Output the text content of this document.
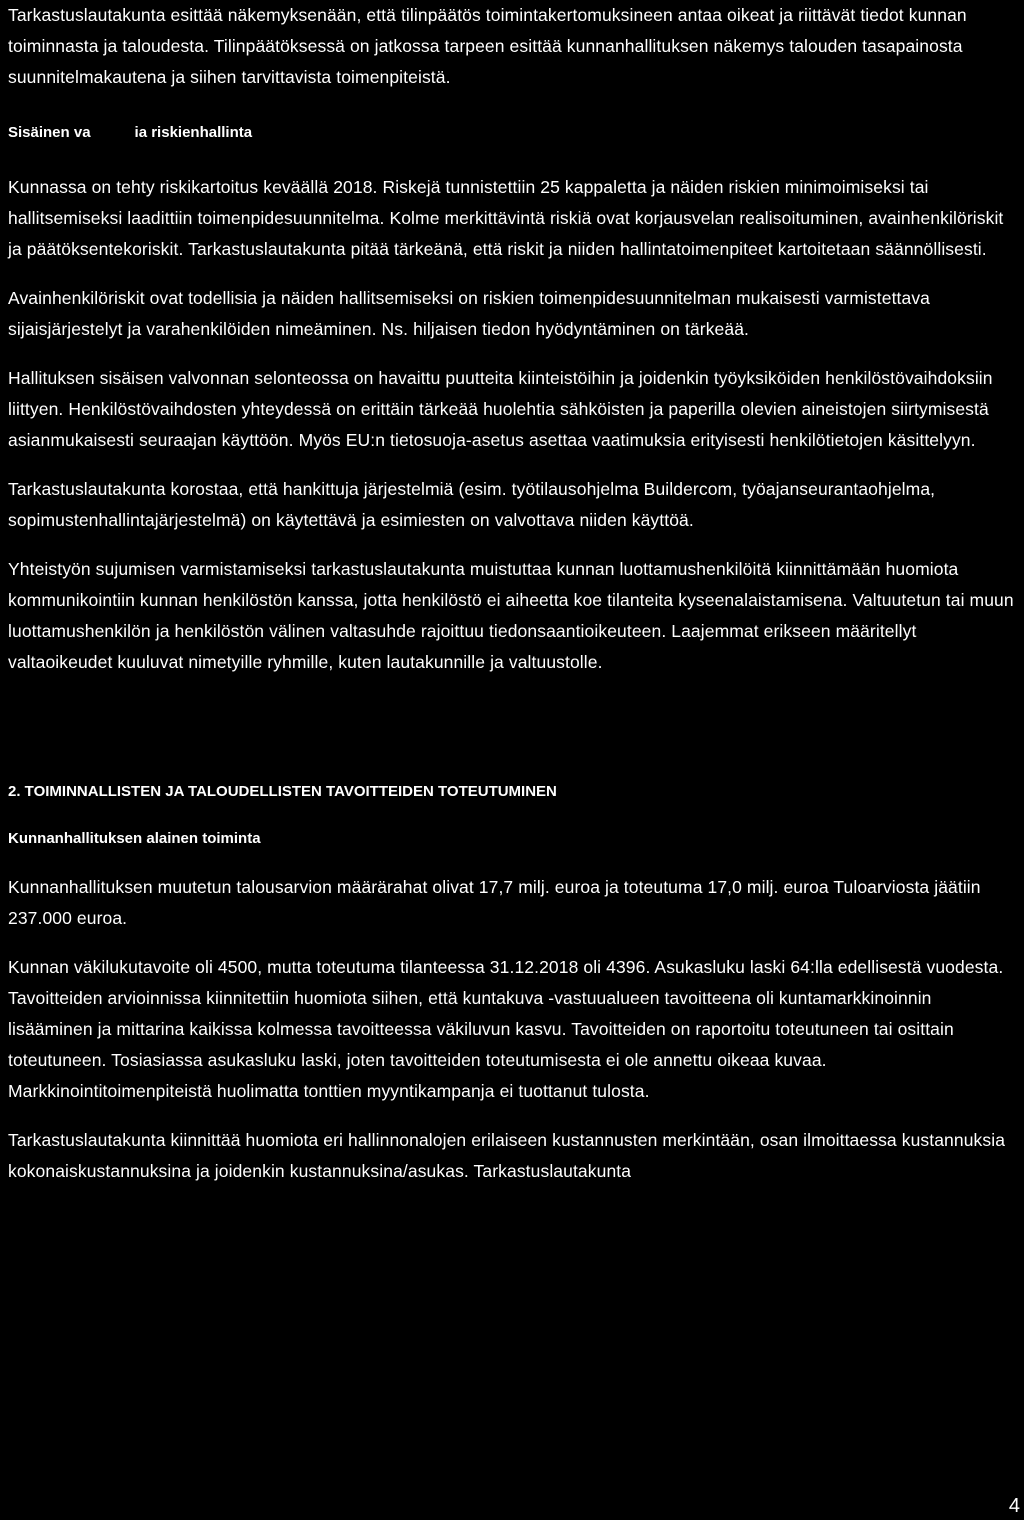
Tarkastuslautakunta esittää näkemyksenään, että tilinpäätös toimintakertomuksineen antaa oikeat ja riittävät tiedot kunnan toiminnasta ja taloudesta. Tilinpäätöksessä on jatkossa tarpeen esittää kunnanhallituksen näkemys talouden tasapainosta suunnitelmakautena ja siihen tarvittavista toimenpiteistä.

Sisäinen va	ia riskienhallinta

Kunnassa on tehty riskikartoitus keväällä 2018. Riskejä tunnistettiin 25 kappaletta ja näiden riskien minimoimiseksi tai hallitsemiseksi laadittiin toimenpidesuunnitelma. Kolme merkittävintä riskiä ovat korjausvelan realisoituminen, avainhenkilöriskit ja päätöksentekoriskit. Tarkastuslautakunta pitää tärkeänä, että riskit ja niiden hallintatoimenpiteet kartoitetaan säännöllisesti.

Avainhenkilöriskit ovat todellisia ja näiden hallitsemiseksi on riskien toimenpidesuunnitelman mukaisesti varmistettava sijaisjärjestelyt ja varahenkilöiden nimeäminen. Ns. hiljaisen tiedon hyödyntäminen on tärkeää.

Hallituksen sisäisen valvonnan selonteossa on havaittu puutteita kiinteistöihin ja joidenkin työyksiköiden henkilöstövaihdoksiin liittyen. Henkilöstövaihdosten yhteydessä on erittäin tärkeää huolehtia sähköisten ja paperilla olevien aineistojen siirtymisestä asianmukaisesti seuraajan käyttöön. Myös EU:n tietosuoja-asetus asettaa vaatimuksia erityisesti henkilötietojen käsittelyyn.

Tarkastuslautakunta korostaa, että hankittuja järjestelmiä (esim. työtilausohjelma Buildercom, työajanseurantaohjelma, sopimustenhallintajärjestelmä) on käytettävä ja esimiesten on valvottava niiden käyttöä.

Yhteistyön sujumisen varmistamiseksi tarkastuslautakunta muistuttaa kunnan luottamushenkilöitä kiinnittämään huomiota kommunikointiin kunnan henkilöstön kanssa, jotta henkilöstö ei aiheetta koe tilanteita kyseenalaistamisena. Valtuutetun tai muun luottamushenkilön ja henkilöstön välinen valtasuhde rajoittuu tiedonsaantioikeuteen. Laajemmat erikseen määritellyt valtaoikeudet kuuluvat nimetyille ryhmille, kuten lautakunnille ja valtuustolle.

2. TOIMINNALLISTEN JA TALOUDELLISTEN TAVOITTEIDEN TOTEUTUMINEN
Kunnanhallituksen alainen toiminta

Kunnanhallituksen muutetun talousarvion määrärahat olivat 17,7 milj. euroa ja toteutuma 17,0 milj. euroa Tuloarviosta jäätiin 237.000 euroa.

Kunnan väkilukutavoite oli 4500, mutta toteutuma tilanteessa 31.12.2018 oli 4396. Asukasluku laski 64:lla edellisestä vuodesta. Tavoitteiden arvioinnissa kiinnitettiin huomiota siihen, että kuntakuva -vastuualueen tavoitteena oli kuntamarkkinoinnin lisääminen ja mittarina kaikissa kolmessa tavoitteessa väkiluvun kasvu. Tavoitteiden on raportoitu toteutuneen tai osittain toteutuneen. Tosiasiassa asukasluku laski, joten tavoitteiden toteutumisesta ei ole annettu oikeaa kuvaa. Markkinointitoimenpiteistä huolimatta tonttien myyntikampanja ei tuottanut tulosta.

Tarkastuslautakunta kiinnittää huomiota eri hallinnonalojen erilaiseen kustannusten merkintään, osan ilmoittaessa kustannuksia kokonaiskustannuksina ja joidenkin kustannuksina/asukas. Tarkastuslautakunta

4
